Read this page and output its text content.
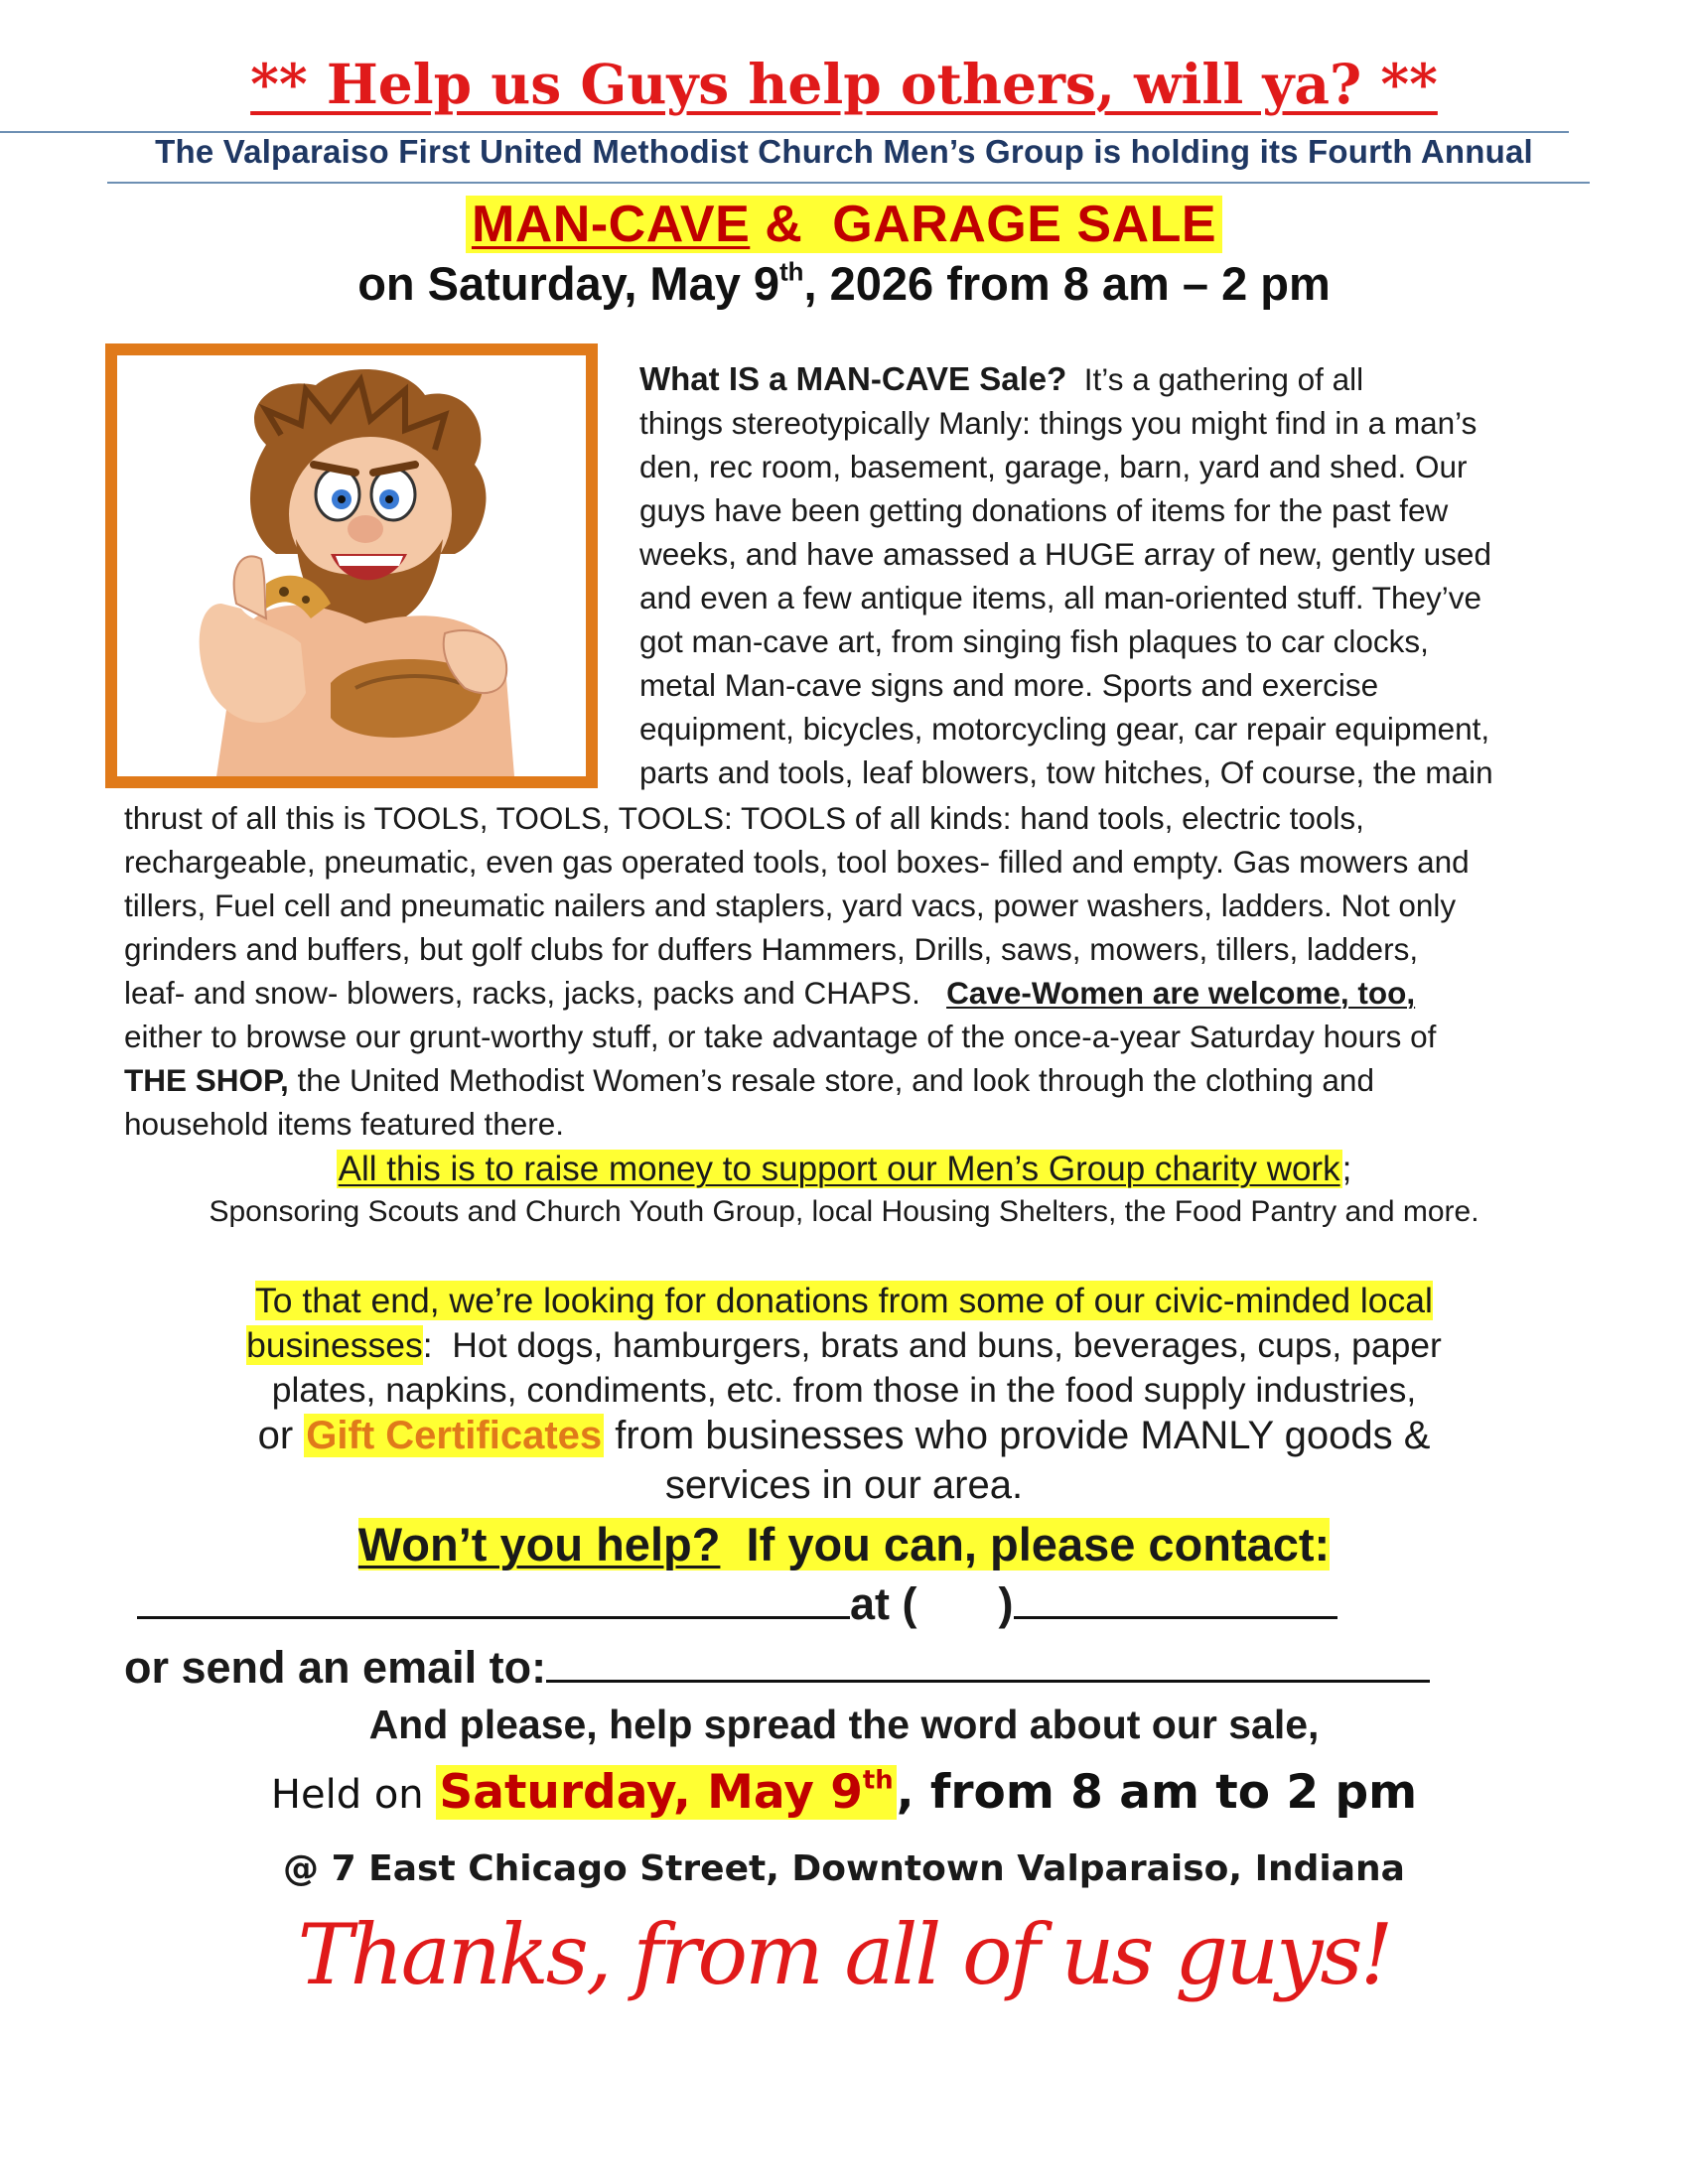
** Help us Guys help others, will ya? **
The Valparaiso First United Methodist Church Men’s Group is holding its Fourth Annual
MAN-CAVE &  GARAGE SALE
on Saturday, May 9th, 2026 from 8 am – 2 pm
What IS a MAN-CAVE Sale?  It’s a gathering of all
things stereotypically Manly: things you might find in a man’s
den, rec room, basement, garage, barn, yard and shed. Our
guys have been getting donations of items for the past few
weeks, and have amassed a HUGE array of new, gently used
and even a few antique items, all man-oriented stuff. They’ve
got man-cave art, from singing fish plaques to car clocks,
metal Man-cave signs and more. Sports and exercise
equipment, bicycles, motorcycling gear, car repair equipment,
parts and tools, leaf blowers, tow hitches, Of course, the main
thrust of all this is TOOLS, TOOLS, TOOLS: TOOLS of all kinds: hand tools, electric tools,
rechargeable, pneumatic, even gas operated tools, tool boxes- filled and empty. Gas mowers and
tillers, Fuel cell and pneumatic nailers and staplers, yard vacs, power washers, ladders. Not only
grinders and buffers, but golf clubs for duffers Hammers, Drills, saws, mowers, tillers, ladders,
leaf- and snow- blowers, racks, jacks, packs and CHAPS.   Cave-Women are welcome, too,
either to browse our grunt-worthy stuff, or take advantage of the once-a-year Saturday hours of
THE SHOP, the United Methodist Women’s resale store, and look through the clothing and
household items featured there.
All this is to raise money to support our Men’s Group charity work;
Sponsoring Scouts and Church Youth Group, local Housing Shelters, the Food Pantry and more.
To that end, we’re looking for donations from some of our civic-minded local
businesses:  Hot dogs, hamburgers, brats and buns, beverages, cups, paper
plates, napkins, condiments, etc. from those in the food supply industries,
or Gift Certificates from businesses who provide MANLY goods &
services in our area.
Won’t you help? If you can, please contact:
at ( )
or send an email to:
And please, help spread the word about our sale,
Held on Saturday, May 9th, from 8 am to 2 pm
@ 7 East Chicago Street, Downtown Valparaiso, Indiana
Thanks, from all of us guys!
